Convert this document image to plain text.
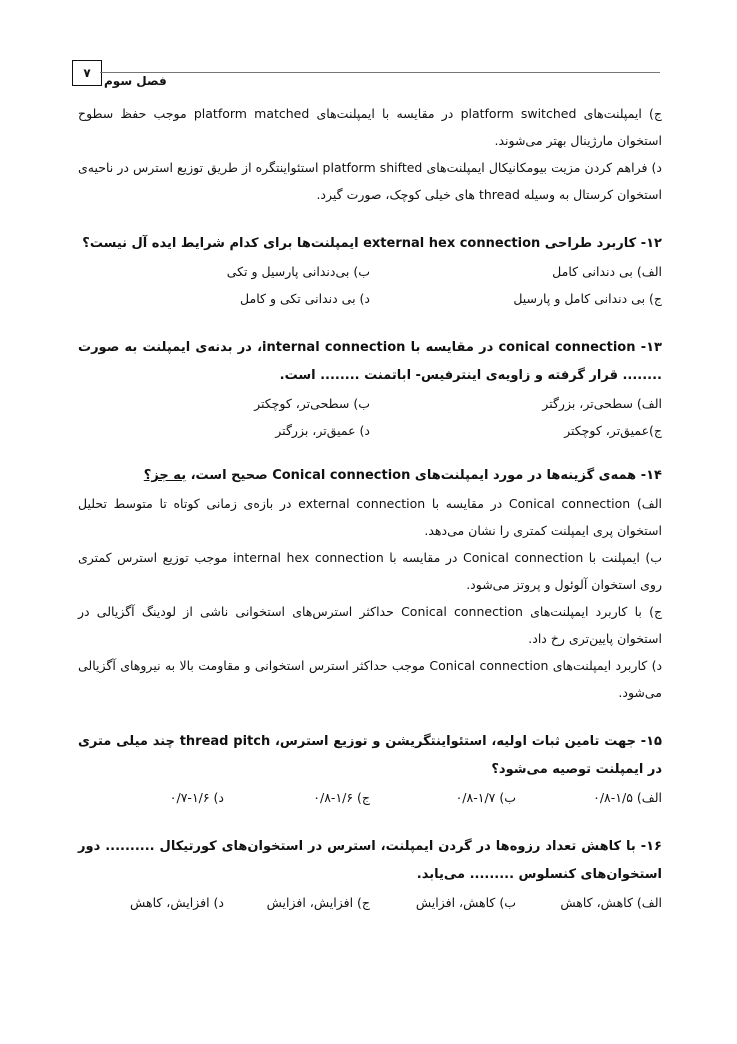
۷
فصل سوم

ج) ایمپلنت‌های platform switched در مقایسه با ایمپلنت‌های platform matched موجب حفظ سطوح استخوان مارژینال بهتر می‌شوند.

د) فراهم کردن مزیت بیومکانیکال ایمپلنت‌های platform shifted استئواینتگره از طریق توزیع استرس در ناحیه‌ی استخوان کرستال به وسیله thread های خیلی کوچک، صورت گیرد.

۱۲- کاربرد طراحی external hex connection ایمپلنت‌ها برای کدام شرایط ایده آل نیست؟

الف) بی دندانی کامل
ب) بی‌دندانی پارسیل و تکی
ج) بی دندانی کامل و پارسیل
د) بی دندانی تکی و کامل

۱۳- conical connection در مقایسه با internal connection، در بدنه‌ی ایمپلنت به صورت ........ قرار گرفته و زاویه‌ی اینترفیس- اباتمنت ........ است.

الف) سطحی‌تر، بزرگتر
ب) سطحی‌تر، کوچکتر
ج)عمیق‌تر، کوچکتر
د) عمیق‌تر، بزرگتر

۱۴- همه‌ی گزینه‌ها در مورد ایمپلنت‌های Conical connection صحیح است، به جز؟

الف) Conical connection در مقایسه با external connection در بازه‌ی زمانی کوتاه تا متوسط تحلیل استخوان پری ایمپلنت کمتری را نشان می‌دهد.

ب) ایمپلنت با Conical connection در مقایسه با internal hex connection موجب توزیع استرس کمتری روی استخوان آلوئول و پروتز می‌شود.

ج) با کاربرد ایمپلنت‌های Conical connection حداکثر استرس‌های استخوانی ناشی از لودینگ آگزیالی در استخوان پایین‌تری رخ داد.

د) کاربرد ایمپلنت‌های Conical connection موجب حداکثر استرس استخوانی و مقاومت بالا به نیروهای آگزیالی می‌شود.

۱۵- جهت تامین ثبات اولیه، استئواینتگریشن و توزیع استرس، thread pitch چند میلی متری در ایمپلنت توصیه می‌شود؟

الف) ۱/۵-۰/۸
ب) ۱/۷-۰/۸
ج) ۱/۶-۰/۸
د) ۱/۶-۰/۷

۱۶- با کاهش تعداد رزوه‌ها در گردن ایمپلنت، استرس در استخوان‌های کورتیکال .......... دور استخوان‌های کنسلوس ......... می‌یابد.

الف) کاهش، کاهش
ب) کاهش، افزایش
ج) افزایش، افزایش
د) افزایش، کاهش
